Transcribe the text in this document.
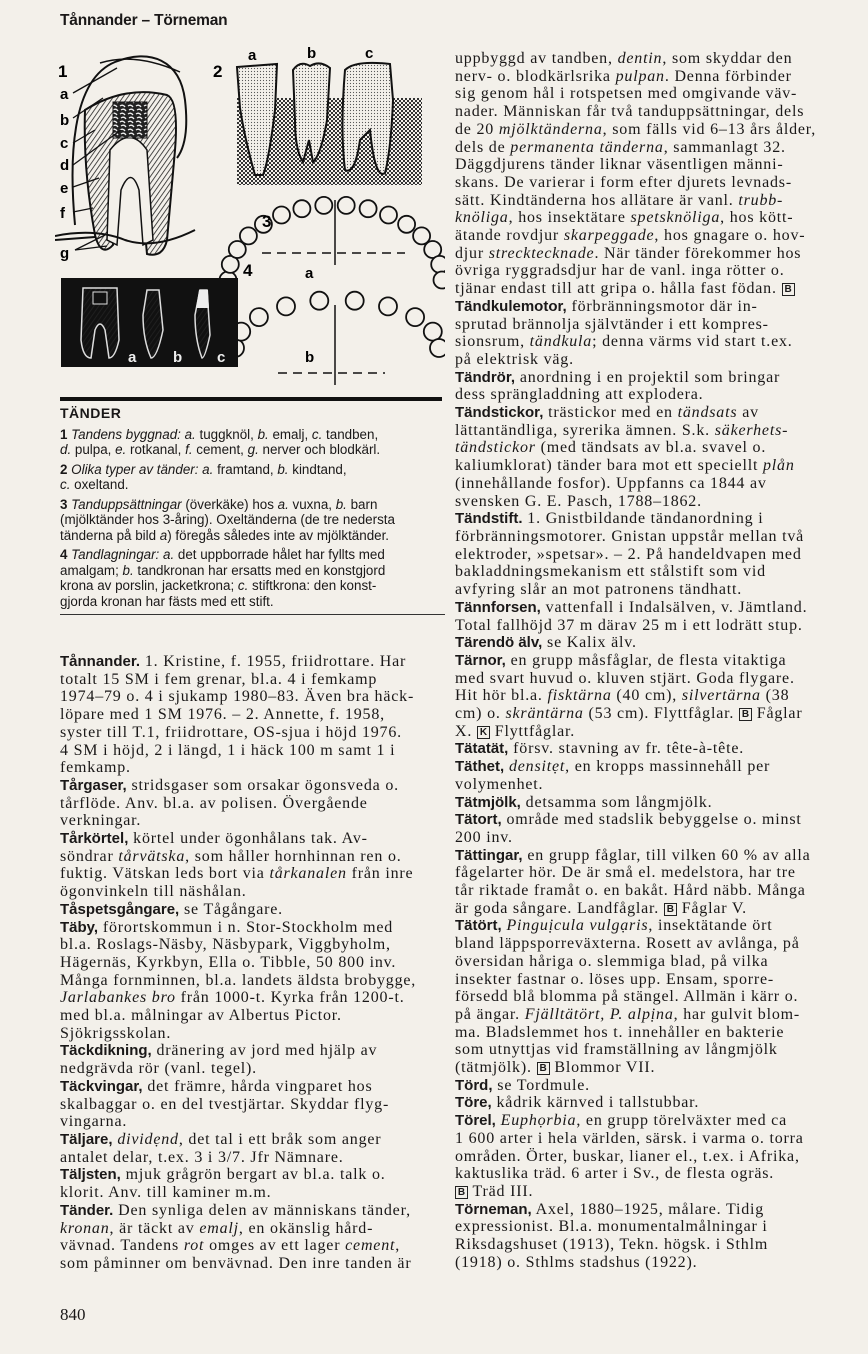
Tånnander – Törneman
1
a
b
c
d
e
f
g
2
a	b	c
3
a
b
4
a b c
TÄNDER
1 Tandens byggnad: a. tuggknöl, b. emalj, c. tandben,
d. pulpa, e. rotkanal, f. cement, g. nerver och blodkärl.
2 Olika typer av tänder: a. framtand, b. kindtand,
c. oxeltand.
3 Tanduppsättningar (överkäke) hos a. vuxna, b. barn
(mjölktänder hos 3-åring). Oxeltänderna (de tre nedersta
tänderna på bild a) föregås således inte av mjölktänder.
4 Tandlagningar: a. det uppborrade hålet har fyllts med
amalgam; b. tandkronan har ersatts med en konstgjord
krona av porslin, jacketkrona; c. stiftkrona: den konst-
gjorda kronan har fästs med ett stift.
Tånnander. 1. Kristine, f. 1955, friidrottare. Har
totalt 15 SM i fem grenar, bl.a. 4 i femkamp
1974–79 o. 4 i sjukamp 1980–83. Även bra häck-
löpare med 1 SM 1976. – 2. Annette, f. 1958,
syster till T.1, friidrottare, OS-sjua i höjd 1976.
4 SM i höjd, 2 i längd, 1 i häck 100 m samt 1 i
femkamp.
Tårgaser, stridsgaser som orsakar ögonsveda o.
tårflöde. Anv. bl.a. av polisen. Övergående
verkningar.
Tårkörtel, körtel under ögonhålans tak. Av-
söndrar tårvätska, som håller hornhinnan ren o.
fuktig. Vätskan leds bort via tårkanalen från inre
ögonvinkeln till näshålan.
Tåspetsgångare, se Tågångare.
Täby, förortskommun i n. Stor-Stockholm med
bl.a. Roslags-Näsby, Näsbypark, Viggbyholm,
Hägernäs, Kyrkbyn, Ella o. Tibble, 50 800 inv.
Många fornminnen, bl.a. landets äldsta brobygge,
Jarlabankes bro från 1000-t. Kyrka från 1200-t.
med bl.a. målningar av Albertus Pictor.
Sjökrigsskolan.
Täckdikning, dränering av jord med hjälp av
nedgrävda rör (vanl. tegel).
Täckvingar, det främre, hårda vingparet hos
skalbaggar o. en del tvestjärtar. Skyddar flyg-
vingarna.
Täljare, dividẹnd, det tal i ett bråk som anger
antalet delar, t.ex. 3 i 3/7. Jfr Nämnare.
Täljsten, mjuk grågrön bergart av bl.a. talk o.
klorit. Anv. till kaminer m.m.
Tänder. Den synliga delen av människans tänder,
kronan, är täckt av emalj, en okänslig hård-
vävnad. Tandens rot omges av ett lager cement,
som påminner om benvävnad. Den inre tanden är
uppbyggd av tandben, dentin, som skyddar den
nerv- o. blodkärlsrika pulpan. Denna förbinder
sig genom hål i rotspetsen med omgivande väv-
nader. Människan får två tanduppsättningar, dels
de 20 mjölktänderna, som fälls vid 6–13 års ålder,
dels de permanenta tänderna, sammanlagt 32.
Däggdjurens tänder liknar väsentligen männi-
skans. De varierar i form efter djurets levnads-
sätt. Kindtänderna hos allätare är vanl. trubb-
knöliga, hos insektätare spetsknöliga, hos kött-
ätande rovdjur skarpeggade, hos gnagare o. hov-
djur strecktecknade. När tänder förekommer hos
övriga ryggradsdjur har de vanl. inga rötter o.
tjänar endast till att gripa o. hålla fast födan. B
Tändkulemotor, förbränningsmotor där in-
sprutad brännolja självtänder i ett kompres-
sionsrum, tändkula; denna värms vid start t.ex.
på elektrisk väg.
Tändrör, anordning i en projektil som bringar
dess sprängladdning att explodera.
Tändstickor, trästickor med en tändsats av
lättantändliga, syrerika ämnen. S.k. säkerhets-
tändstickor (med tändsats av bl.a. svavel o.
kaliumklorat) tänder bara mot ett speciellt plån
(innehållande fosfor). Uppfanns ca 1844 av
svensken G. E. Pasch, 1788–1862.
Tändstift. 1. Gnistbildande tändanordning i
förbränningsmotorer. Gnistan uppstår mellan två
elektroder, »spetsar». – 2. På handeldvapen med
bakladdningsmekanism ett stålstift som vid
avfyring slår an mot patronens tändhatt.
Tännforsen, vattenfall i Indalsälven, v. Jämtland.
Total fallhöjd 37 m därav 25 m i ett lodrätt stup.
Tärendö älv, se Kalix älv.
Tärnor, en grupp måsfåglar, de flesta vitaktiga
med svart huvud o. kluven stjärt. Goda flygare.
Hit hör bl.a. fisktärna (40 cm), silvertärna (38
cm) o. skräntärna (53 cm). Flyttfåglar. B Fåglar
X. K Flyttfåglar.
Tätatät, försv. stavning av fr. tête-à-tête.
Täthet, densitẹt, en kropps massinnehåll per
volymenhet.
Tätmjölk, detsamma som långmjölk.
Tätort, område med stadslik bebyggelse o. minst
200 inv.
Tättingar, en grupp fåglar, till vilken 60 % av alla
fågelarter hör. De är små el. medelstora, har tre
tår riktade framåt o. en bakåt. Hård näbb. Många
är goda sångare. Landfåglar. B Fåglar V.
Tätört, Pinguịcula vulgạris, insektätande ört
bland läppsporreväxterna. Rosett av avlånga, på
översidan håriga o. slemmiga blad, på vilka
insekter fastnar o. löses upp. Ensam, sporre-
försedd blå blomma på stängel. Allmän i kärr o.
på ängar. Fjälltätört, P. alpịna, har gulvit blom-
ma. Bladslemmet hos t. innehåller en bakterie
som utnyttjas vid framställning av långmjölk
(tätmjölk). B Blommor VII.
Törd, se Tordmule.
Töre, kådrik kärnved i tallstubbar.
Törel, Euphọrbia, en grupp törelväxter med ca
1 600 arter i hela världen, särsk. i varma o. torra
områden. Örter, buskar, lianer el., t.ex. i Afrika,
kaktuslika träd. 6 arter i Sv., de flesta ogräs.
B Träd III.
Törneman, Axel, 1880–1925, målare. Tidig
expressionist. Bl.a. monumentalmålningar i
Riksdagshuset (1913), Tekn. högsk. i Sthlm
(1918) o. Sthlms stadshus (1922).
840
